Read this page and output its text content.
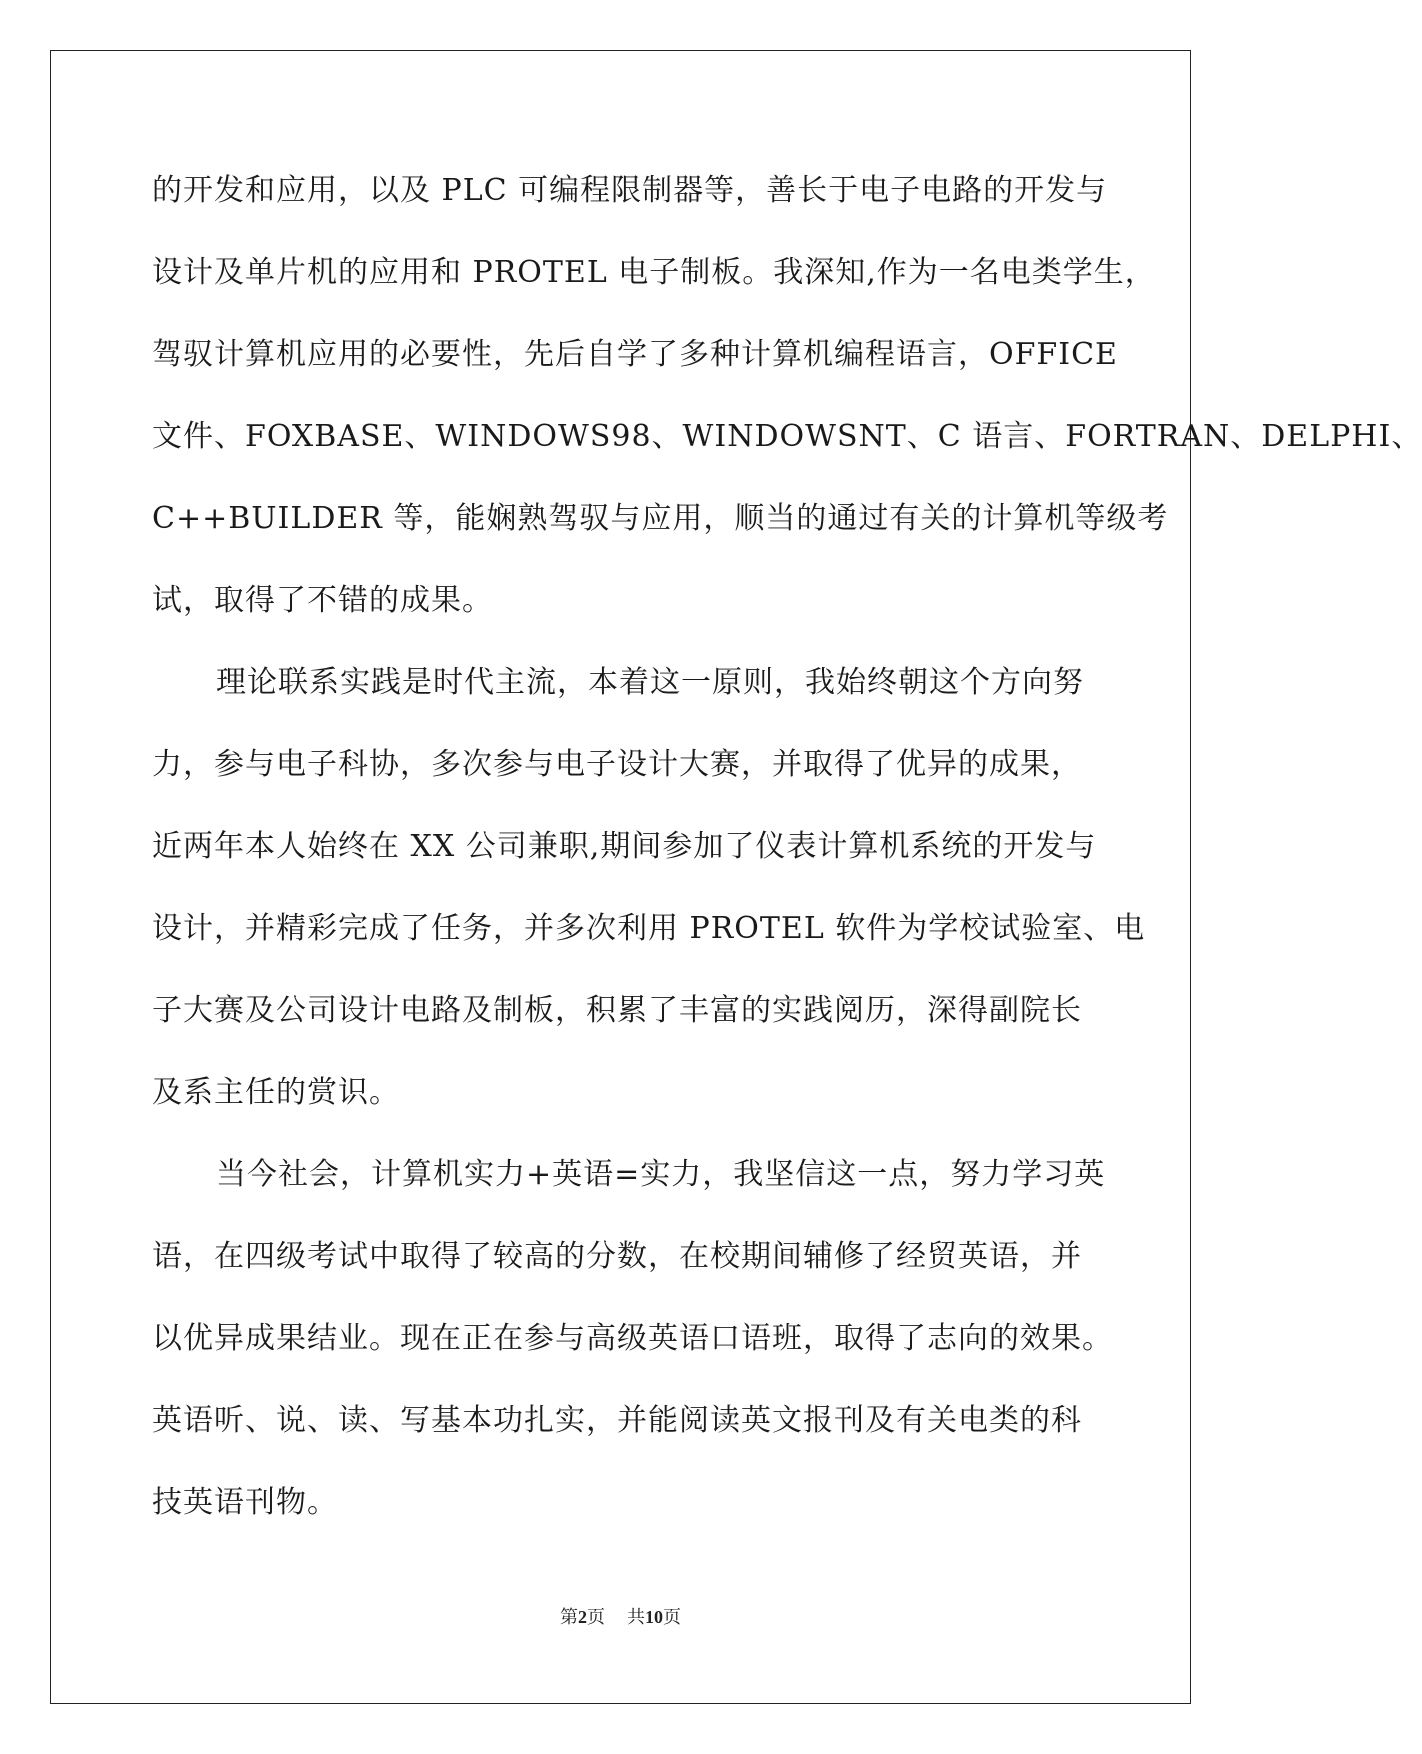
的开发和应用，以及 PLC 可编程限制器等，善长于电子电路的开发与
设计及单片机的应用和 PROTEL 电子制板。我深知,作为一名电类学生，
驾驭计算机应用的必要性，先后自学了多种计算机编程语言，OFFICE
文件、FOXBASE、WINDOWS98、WINDOWSNT、C 语言、FORTRAN、DELPHI、
C++BUILDER 等，能娴熟驾驭与应用，顺当的通过有关的计算机等级考
试，取得了不错的成果。
理论联系实践是时代主流，本着这一原则，我始终朝这个方向努
力，参与电子科协，多次参与电子设计大赛，并取得了优异的成果，
近两年本人始终在 XX 公司兼职,期间参加了仪表计算机系统的开发与
设计，并精彩完成了任务，并多次利用 PROTEL 软件为学校试验室、电
子大赛及公司设计电路及制板，积累了丰富的实践阅历，深得副院长
及系主任的赏识。
当今社会，计算机实力+英语=实力，我坚信这一点，努力学习英
语，在四级考试中取得了较高的分数，在校期间辅修了经贸英语，并
以优异成果结业。现在正在参与高级英语口语班，取得了志向的效果。
英语听、说、读、写基本功扎实，并能阅读英文报刊及有关电类的科
技英语刊物。
第2页 共10页
